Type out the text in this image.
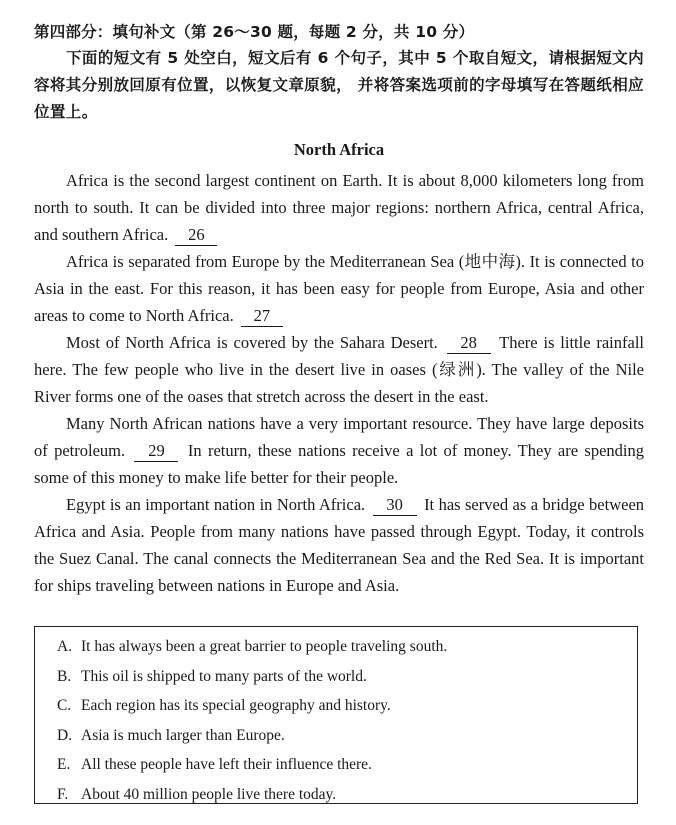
第四部分：填句补文（第 26～30 题，每题 2 分，共 10 分）

下面的短文有 5 处空白，短文后有 6 个句子，其中 5 个取自短文，请根据短文内容将其分别放回原有位置，以恢复文章原貌， 并将答案选项前的字母填写在答题纸相应位置上。

North Africa

Africa is the second largest continent on Earth. It is about 8,000 kilometers long from north to south. It can be divided into three major regions: northern Africa, central Africa, and southern Africa. 26

Africa is separated from Europe by the Mediterranean Sea (地中海). It is connected to Asia in the east. For this reason, it has been easy for people from Europe, Asia and other areas to come to North Africa. 27

Most of North Africa is covered by the Sahara Desert. 28 There is little rainfall here. The few people who live in the desert live in oases (绿洲). The valley of the Nile River forms one of the oases that stretch across the desert in the east.

Many North African nations have a very important resource. They have large deposits of petroleum. 29 In return, these nations receive a lot of money. They are spending some of this money to make life better for their people.

Egypt is an important nation in North Africa. 30 It has served as a bridge between Africa and Asia. People from many nations have passed through Egypt. Today, it controls the Suez Canal. The canal connects the Mediterranean Sea and the Red Sea. It is important for ships traveling between nations in Europe and Asia.

A. It has always been a great barrier to people traveling south.
B. This oil is shipped to many parts of the world.
C. Each region has its special geography and history.
D. Asia is much larger than Europe.
E. All these people have left their influence there.
F. About 40 million people live there today.
